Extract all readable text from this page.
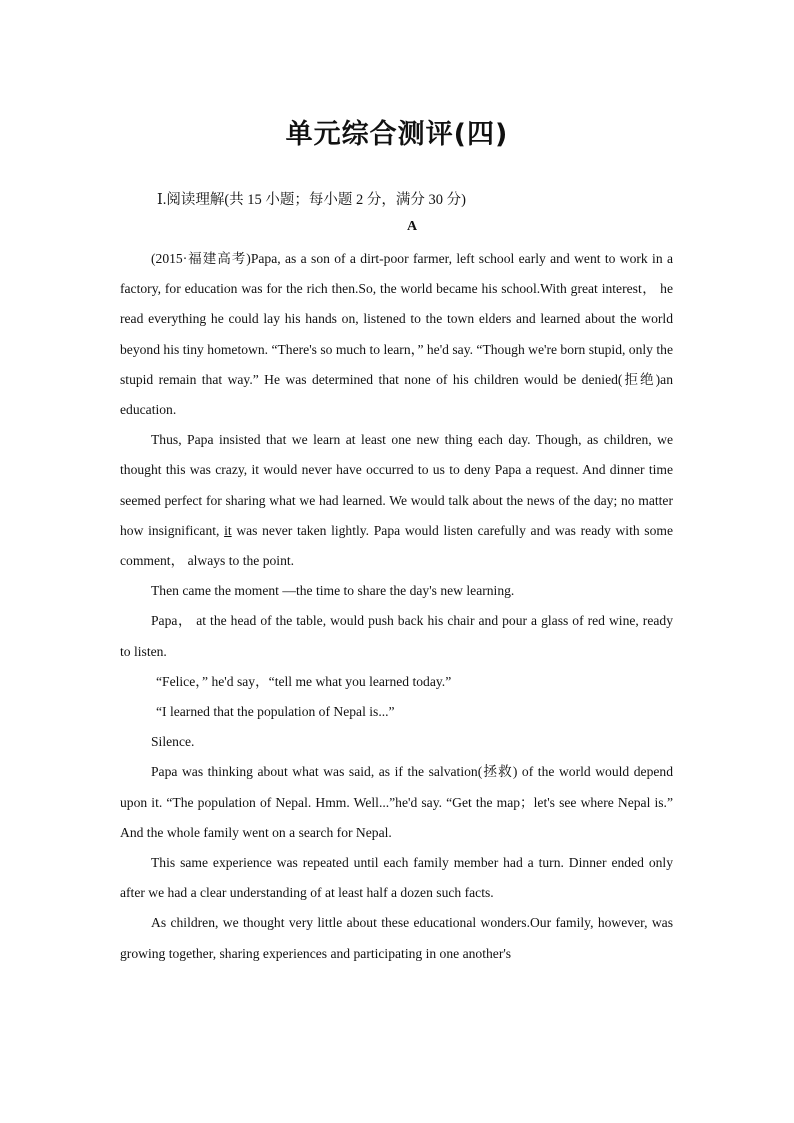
单元综合测评(四)
Ⅰ.阅读理解(共 15 小题；每小题 2 分，满分 30 分)
A

(2015·福建高考)Papa, as a son of a dirt-poor farmer, left school early and went to work in a factory, for education was for the rich then.So, the world became his school.With great interest， he read everything he could lay his hands on, listened to the town elders and learned about the world beyond his tiny hometown. “There's so much to learn，” he'd say. “Though we're born stupid, only the stupid remain that way.” He was determined that none of his children would be denied(拒绝)an education.

Thus, Papa insisted that we learn at least one new thing each day. Though, as children, we thought this was crazy, it would never have occurred to us to deny Papa a request. And dinner time seemed perfect for sharing what we had learned. We would talk about the news of the day; no matter how insignificant, it was never taken lightly. Papa would listen carefully and was ready with some comment， always to the point.

Then came the moment —the time to share the day's new learning.

Papa， at the head of the table, would push back his chair and pour a glass of red wine, ready to listen.

“Felice，” he'd say，“tell me what you learned today.”

“I learned that the population of Nepal is...”

Silence.

Papa was thinking about what was said, as if the salvation(拯救) of the world would depend upon it. “The population of Nepal. Hmm. Well...”he'd say. “Get the map；let's see where Nepal is.” And the whole family went on a search for Nepal.

This same experience was repeated until each family member had a turn. Dinner ended only after we had a clear understanding of at least half a dozen such facts.

As children, we thought very little about these educational wonders.Our family, however, was growing together, sharing experiences and participating in one another's
